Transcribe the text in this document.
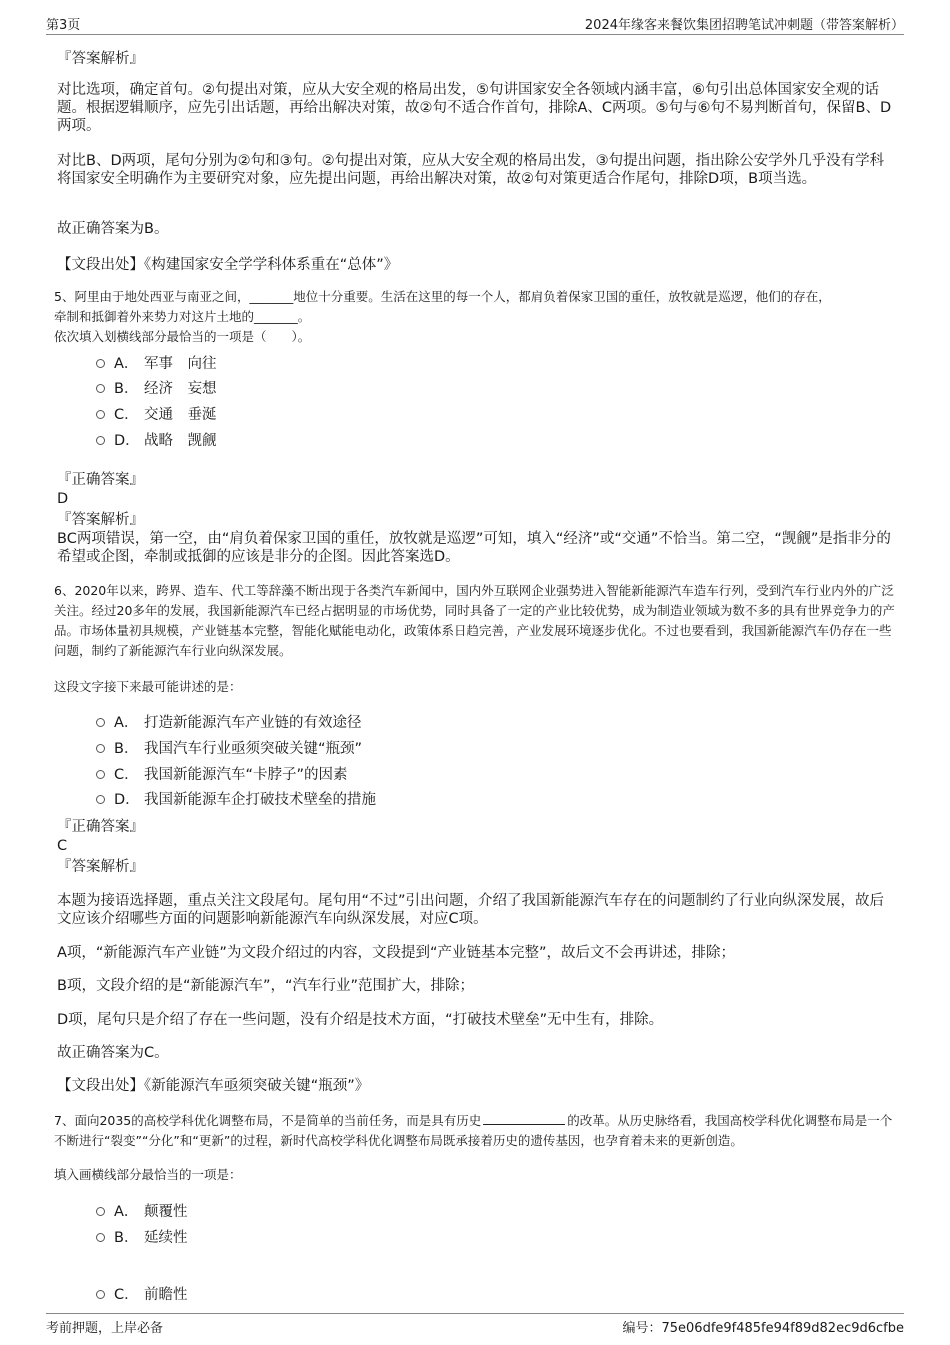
第3页	2024年缘客来餐饮集团招聘笔试冲刺题（带答案解析）
『答案解析』
对比选项，确定首句。②句提出对策，应从大安全观的格局出发，⑤句讲国家安全各领域内涵丰富，⑥句引出总体国家安全观的话题。根据逻辑顺序，应先引出话题，再给出解决对策，故②句不适合作首句，排除A、C两项。⑤句与⑥句不易判断首句，保留B、D两项。
对比B、D两项，尾句分别为②句和③句。②句提出对策，应从大安全观的格局出发，③句提出问题，指出除公安学外几乎没有学科将国家安全明确作为主要研究对象，应先提出问题，再给出解决对策，故②句对策更适合作尾句，排除D项，B项当选。
故正确答案为B。
【文段出处】《构建国家安全学学科体系重在“总体”》
5、阿里由于地处西亚与南亚之间，_______地位十分重要。生活在这里的每一个人，都肩负着保家卫国的重任，放牧就是巡逻，他们的存在，
牵制和抵御着外来势力对这片土地的_______。
依次填入划横线部分最恰当的一项是（　　）。
A． 军事　向往
B． 经济　妄想
C． 交通　垂涎
D． 战略　觊觎
『正确答案』
D
『答案解析』
BC两项错误，第一空，由“肩负着保家卫国的重任，放牧就是巡逻”可知，填入“经济”或“交通”不恰当。第二空，“觊觎”是指非分的希望或企图，牵制或抵御的应该是非分的企图。因此答案选D。
6、2020年以来，跨界、造车、代工等辞藻不断出现于各类汽车新闻中，国内外互联网企业强势进入智能新能源汽车造车行列，受到汽车行业内外的广泛关注。经过20多年的发展，我国新能源汽车已经占据明显的市场优势，同时具备了一定的产业比较优势，成为制造业领域为数不多的具有世界竞争力的产品。市场体量初具规模，产业链基本完整，智能化赋能电动化，政策体系日趋完善，产业发展环境逐步优化。不过也要看到，我国新能源汽车仍存在一些问题，制约了新能源汽车行业向纵深发展。
这段文字接下来最可能讲述的是：
A． 打造新能源汽车产业链的有效途径
B． 我国汽车行业亟须突破关键“瓶颈”
C． 我国新能源汽车“卡脖子”的因素
D． 我国新能源车企打破技术壁垒的措施
『正确答案』
C
『答案解析』
本题为接语选择题，重点关注文段尾句。尾句用“不过”引出问题，介绍了我国新能源汽车存在的问题制约了行业向纵深发展，故后文应该介绍哪些方面的问题影响新能源汽车向纵深发展，对应C项。
A项，“新能源汽车产业链”为文段介绍过的内容，文段提到“产业链基本完整”，故后文不会再讲述，排除；
B项，文段介绍的是“新能源汽车”，“汽车行业”范围扩大，排除；
D项，尾句只是介绍了存在一些问题，没有介绍是技术方面，“打破技术壁垒”无中生有，排除。
故正确答案为C。
【文段出处】《新能源汽车亟须突破关键“瓶颈”》
7、面向2035的高校学科优化调整布局，不是简单的当前任务，而是具有历史	的改革。从历史脉络看，我国高校学科优化调整布局是一个不断进行“裂变”“分化”和“更新”的过程，新时代高校学科优化调整布局既承接着历史的遗传基因，也孕育着未来的更新创造。
填入画横线部分最恰当的一项是：
A． 颠覆性
B． 延续性
C． 前瞻性
考前押题，上岸必备	编号：75e06dfe9f485fe94f89d82ec9d6cfbe
